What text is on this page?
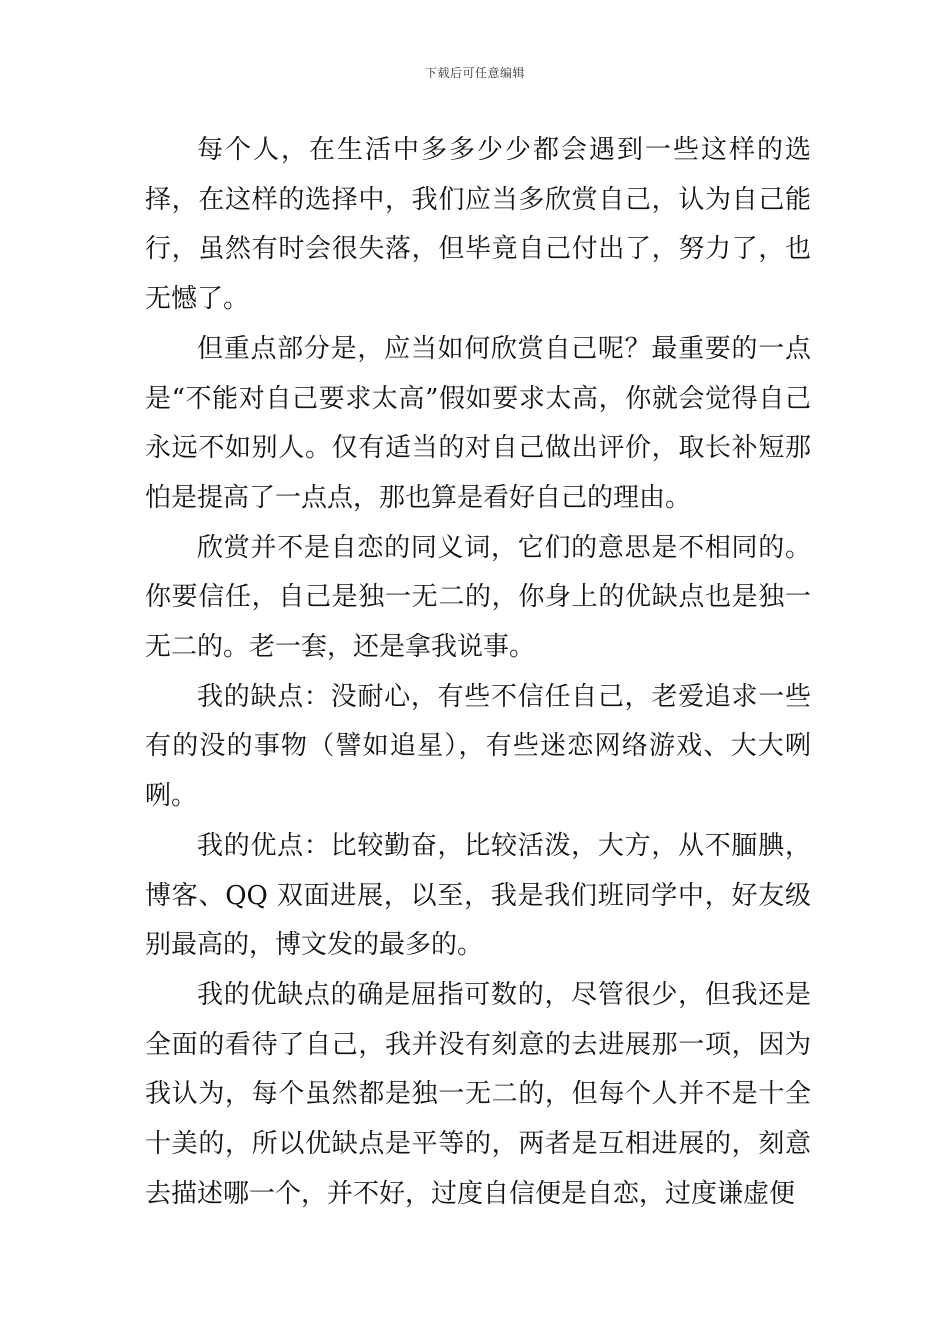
下载后可任意编辑

每个人，在生活中多多少少都会遇到一些这样的选择，在这样的选择中，我们应当多欣赏自己，认为自己能行，虽然有时会很失落，但毕竟自己付出了，努力了，也无憾了。

但重点部分是，应当如何欣赏自己呢？最重要的一点是“不能对自己要求太高”假如要求太高，你就会觉得自己永远不如别人。仅有适当的对自己做出评价，取长补短那怕是提高了一点点，那也算是看好自己的理由。

欣赏并不是自恋的同义词，它们的意思是不相同的。你要信任，自己是独一无二的，你身上的优缺点也是独一无二的。老一套，还是拿我说事。

我的缺点：没耐心，有些不信任自己，老爱追求一些有的没的事物（譬如追星），有些迷恋网络游戏、大大咧咧。

我的优点：比较勤奋，比较活泼，大方，从不腼腆，博客、QQ 双面进展，以至，我是我们班同学中，好友级别最高的，博文发的最多的。

我的优缺点的确是屈指可数的，尽管很少，但我还是全面的看待了自己，我并没有刻意的去进展那一项，因为我认为，每个虽然都是独一无二的，但每个人并不是十全十美的，所以优缺点是平等的，两者是互相进展的，刻意去描述哪一个，并不好，过度自信便是自恋，过度谦虚便
